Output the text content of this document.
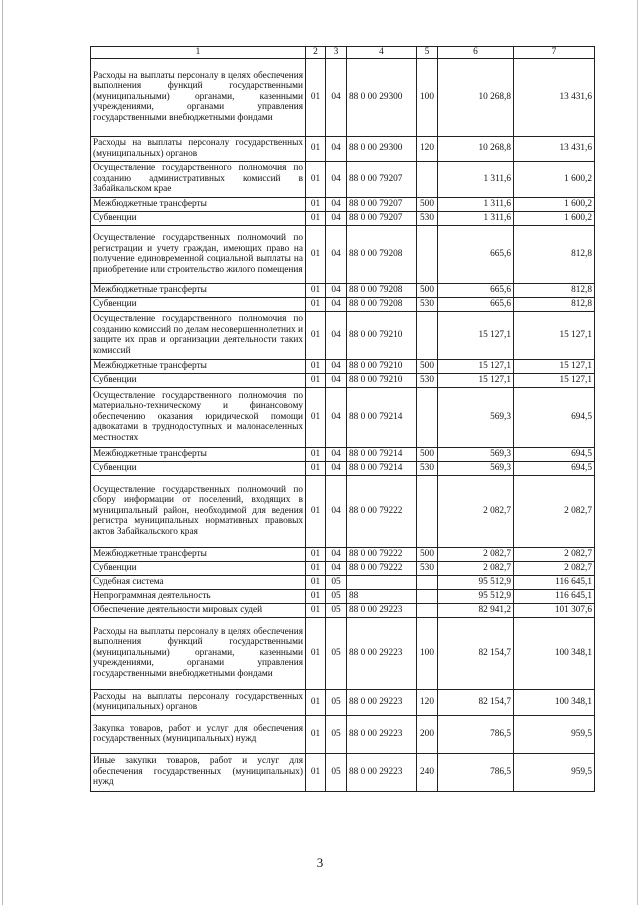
1	2	3	4	5	6	7
Расходы на выплаты персоналу в целях обеспечения выполнения функций государственными (муниципальными) органами, казенными учреждениями, органами управления государственными внебюджетными фондами	01	04	88 0 00 29300	100	10 268,8	13 431,6
Расходы на выплаты персоналу государственных (муниципальных) органов	01	04	88 0 00 29300	120	10 268,8	13 431,6
Осуществление государственного полномочия по созданию административных комиссий в Забайкальском крае	01	04	88 0 00 79207		1 311,6	1 600,2
Межбюджетные трансферты	01	04	88 0 00 79207	500	1 311,6	1 600,2
Субвенции	01	04	88 0 00 79207	530	1 311,6	1 600,2
Осуществление государственных полномочий по регистрации и учету граждан, имеющих право на получение единовременной социальной выплаты на приобретение или строительство жилого помещения	01	04	88 0 00 79208		665,6	812,8
Межбюджетные трансферты	01	04	88 0 00 79208	500	665,6	812,8
Субвенции	01	04	88 0 00 79208	530	665,6	812,8
Осуществление государственного полномочия по созданию комиссий по делам несовершеннолетних и защите их прав и организации деятельности таких комиссий	01	04	88 0 00 79210		15 127,1	15 127,1
Межбюджетные трансферты	01	04	88 0 00 79210	500	15 127,1	15 127,1
Субвенции	01	04	88 0 00 79210	530	15 127,1	15 127,1
Осуществление государственного полномочия по материально-техническому и финансовому обеспечению оказания юридической помощи адвокатами в труднодоступных и малонаселенных местностях	01	04	88 0 00 79214		569,3	694,5
Межбюджетные трансферты	01	04	88 0 00 79214	500	569,3	694,5
Субвенции	01	04	88 0 00 79214	530	569,3	694,5
Осуществление государственных полномочий по сбору информации от поселений, входящих в муниципальный район, необходимой для ведения регистра муниципальных нормативных правовых актов Забайкальского края	01	04	88 0 00 79222		2 082,7	2 082,7
Межбюджетные трансферты	01	04	88 0 00 79222	500	2 082,7	2 082,7
Субвенции	01	04	88 0 00 79222	530	2 082,7	2 082,7
Судебная система	01	05			95 512,9	116 645,1
Непрограммная деятельность	01	05	88		95 512,9	116 645,1
Обеспечение деятельности мировых судей	01	05	88 0 00 29223		82 941,2	101 307,6
Расходы на выплаты персоналу в целях обеспечения выполнения функций государственными (муниципальными) органами, казенными учреждениями, органами управления государственными внебюджетными фондами	01	05	88 0 00 29223	100	82 154,7	100 348,1
Расходы на выплаты персоналу государственных (муниципальных) органов	01	05	88 0 00 29223	120	82 154,7	100 348,1
Закупка товаров, работ и услуг для обеспечения государственных (муниципальных) нужд	01	05	88 0 00 29223	200	786,5	959,5
Иные закупки товаров, работ и услуг для обеспечения государственных (муниципальных) нужд	01	05	88 0 00 29223	240	786,5	959,5
3
